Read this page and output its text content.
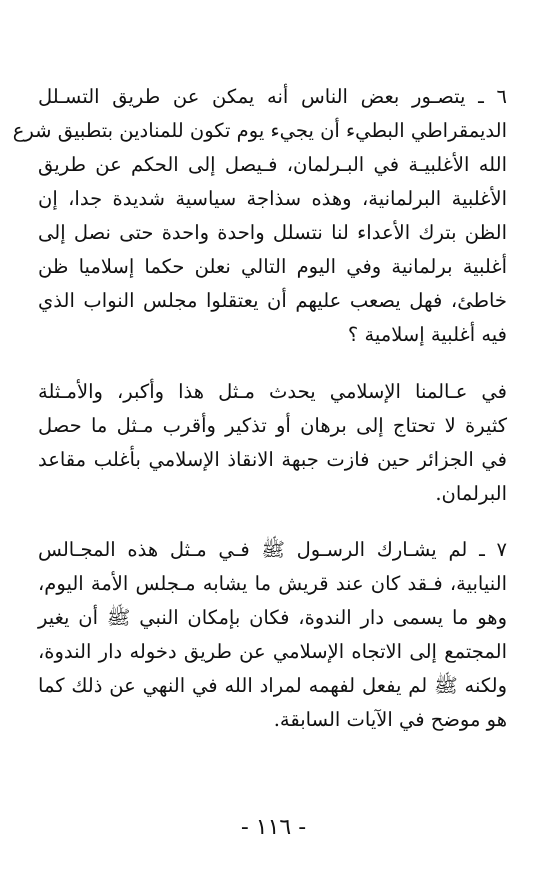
٦ ـ يتصـور بعض الناس أنه يمكن عن طريق التسـلل
الديمقراطي البطيء أن يجيء يوم تكون للمنادين بتطبيق شرع
الله الأغلبيـة في البـرلمان، فـيصل إلى الحكم عن طريق
الأغلبية البرلمانية، وهذه سذاجة سياسية شديدة جدا، إن
الظن بترك الأعداء لنا نتسلل واحدة واحدة حتى نصل إلى
أغلبية برلمانية وفي اليوم التالي نعلن حكما إسلاميا ظن
خاطئ، فهل يصعب عليهم أن يعتقلوا مجلس النواب الذي
فيه أغلبية إسلامية ؟

في عـالمنا الإسلامي يحدث مـثل هذا وأكبر، والأمـثلة
كثيرة لا تحتاج إلى برهان أو تذكير وأقرب مـثل ما حصل
في الجزائر حين فازت جبهة الانقاذ الإسلامي بأغلب مقاعد
البرلمان.

٧ ـ لم يشـارك الرسـول ﷺ فـي مـثل هذه المجـالس
النيابية، فـقد كان عند قريش ما يشابه مـجلس الأمة اليوم،
وهو ما يسمى دار الندوة، فكان بإمكان النبي ﷺ أن يغير
المجتمع إلى الاتجاه الإسلامي عن طريق دخوله دار الندوة،
ولكنه ﷺ لم يفعل لفهمه لمراد الله في النهي عن ذلك كما
هو موضح في الآيات السابقة.

- ١١٦ -
